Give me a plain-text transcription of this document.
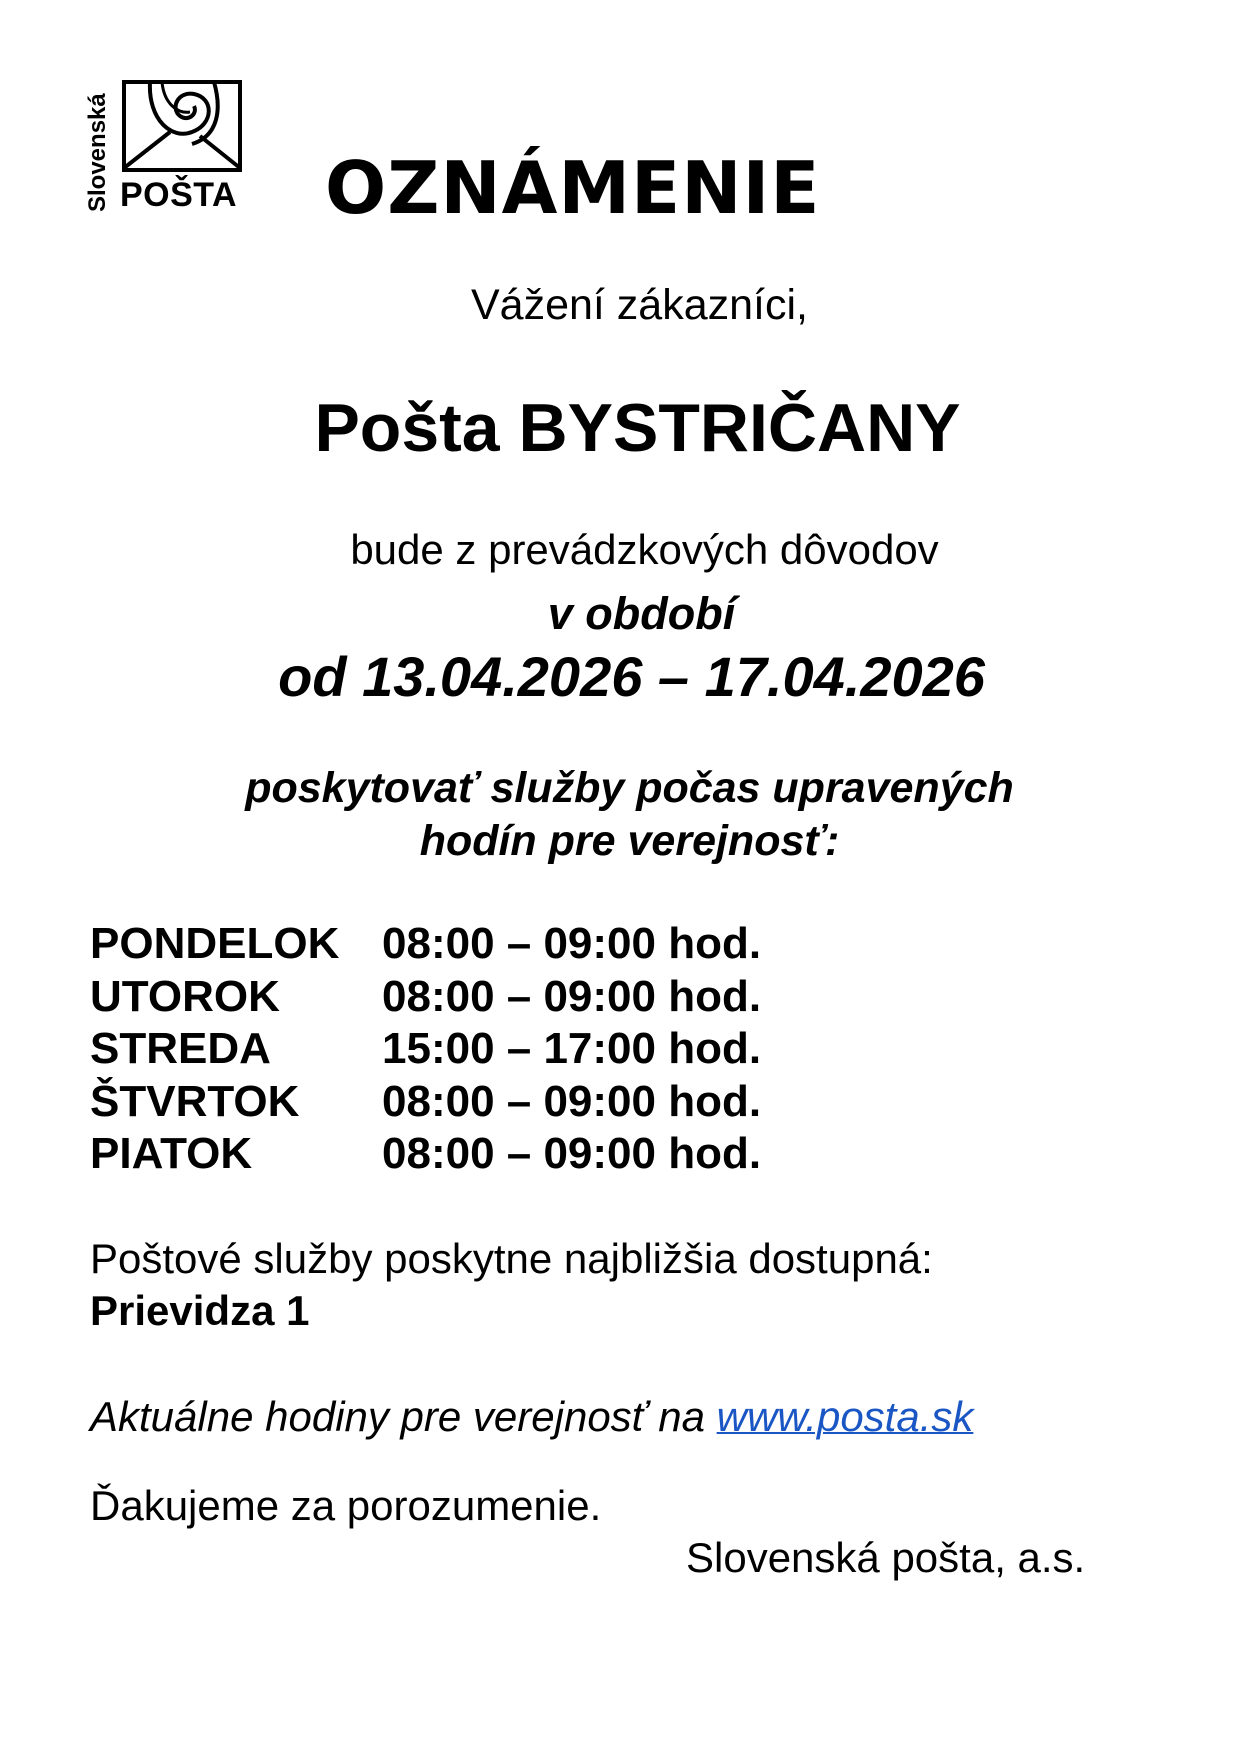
Slovenská POŠTA OZNÁMENIE
Vážení zákazníci,
Pošta BYSTRIČANY
bude z prevádzkových dôvodov
v období
od 13.04.2026 – 17.04.2026
poskytovať služby počas upravených
hodín pre verejnosť:
PONDELOK 08:00 – 09:00 hod.
UTOROK 08:00 – 09:00 hod.
STREDA	15:00 – 17:00 hod.
ŠTVRTOK 08:00 – 09:00 hod.
PIATOK	08:00 – 09:00 hod.
Poštové služby poskytne najbližšia dostupná:
Prievidza 1
Aktuálne hodiny pre verejnosť na www.posta.sk
Ďakujeme za porozumenie.
Slovenská pošta, a.s.
